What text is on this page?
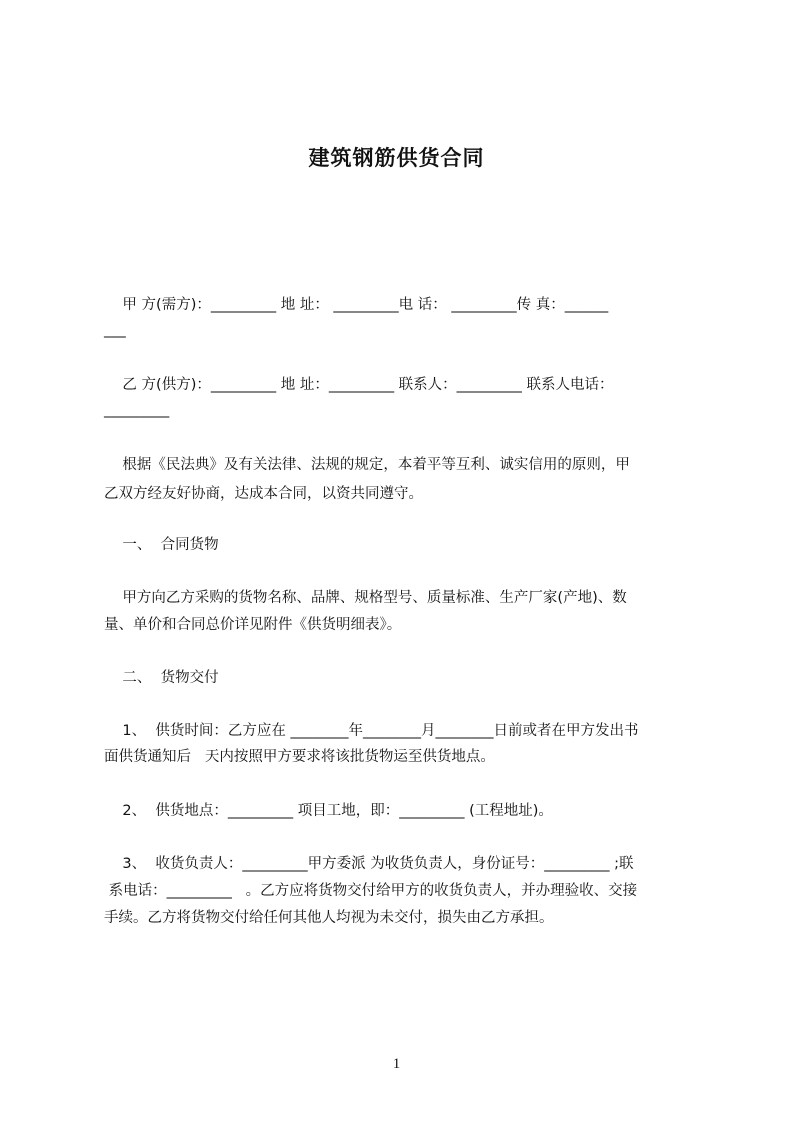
建筑钢筋供货合同
甲 方(需方)：_________ 地 址： _________电 话： _________传 真：______
___
乙 方(供方)：_________ 地 址：_________ 联系人：_________ 联系人电话：
_________
根据《民法典》及有关法律、法规的规定，本着平等互利、诚实信用的原则，甲
乙双方经友好协商，达成本合同，以资共同遵守。
一、  合同货物
甲方向乙方采购的货物名称、品牌、规格型号、质量标准、生产厂家(产地)、数
量、单价和合同总价详见附件《供货明细表》。
二、  货物交付
1、  供货时间：乙方应在 ________年________月________日前或者在甲方发出书
面供货通知后   天内按照甲方要求将该批货物运至供货地点。
2、  供货地点：_________ 项目工地，即：_________ (工程地址)。
3、  收货负责人：_________甲方委派 为收货负责人，身份证号：_________ ;联
系电话：_________   。乙方应将货物交付给甲方的收货负责人，并办理验收、交接
手续。乙方将货物交付给任何其他人均视为未交付，损失由乙方承担。
1
